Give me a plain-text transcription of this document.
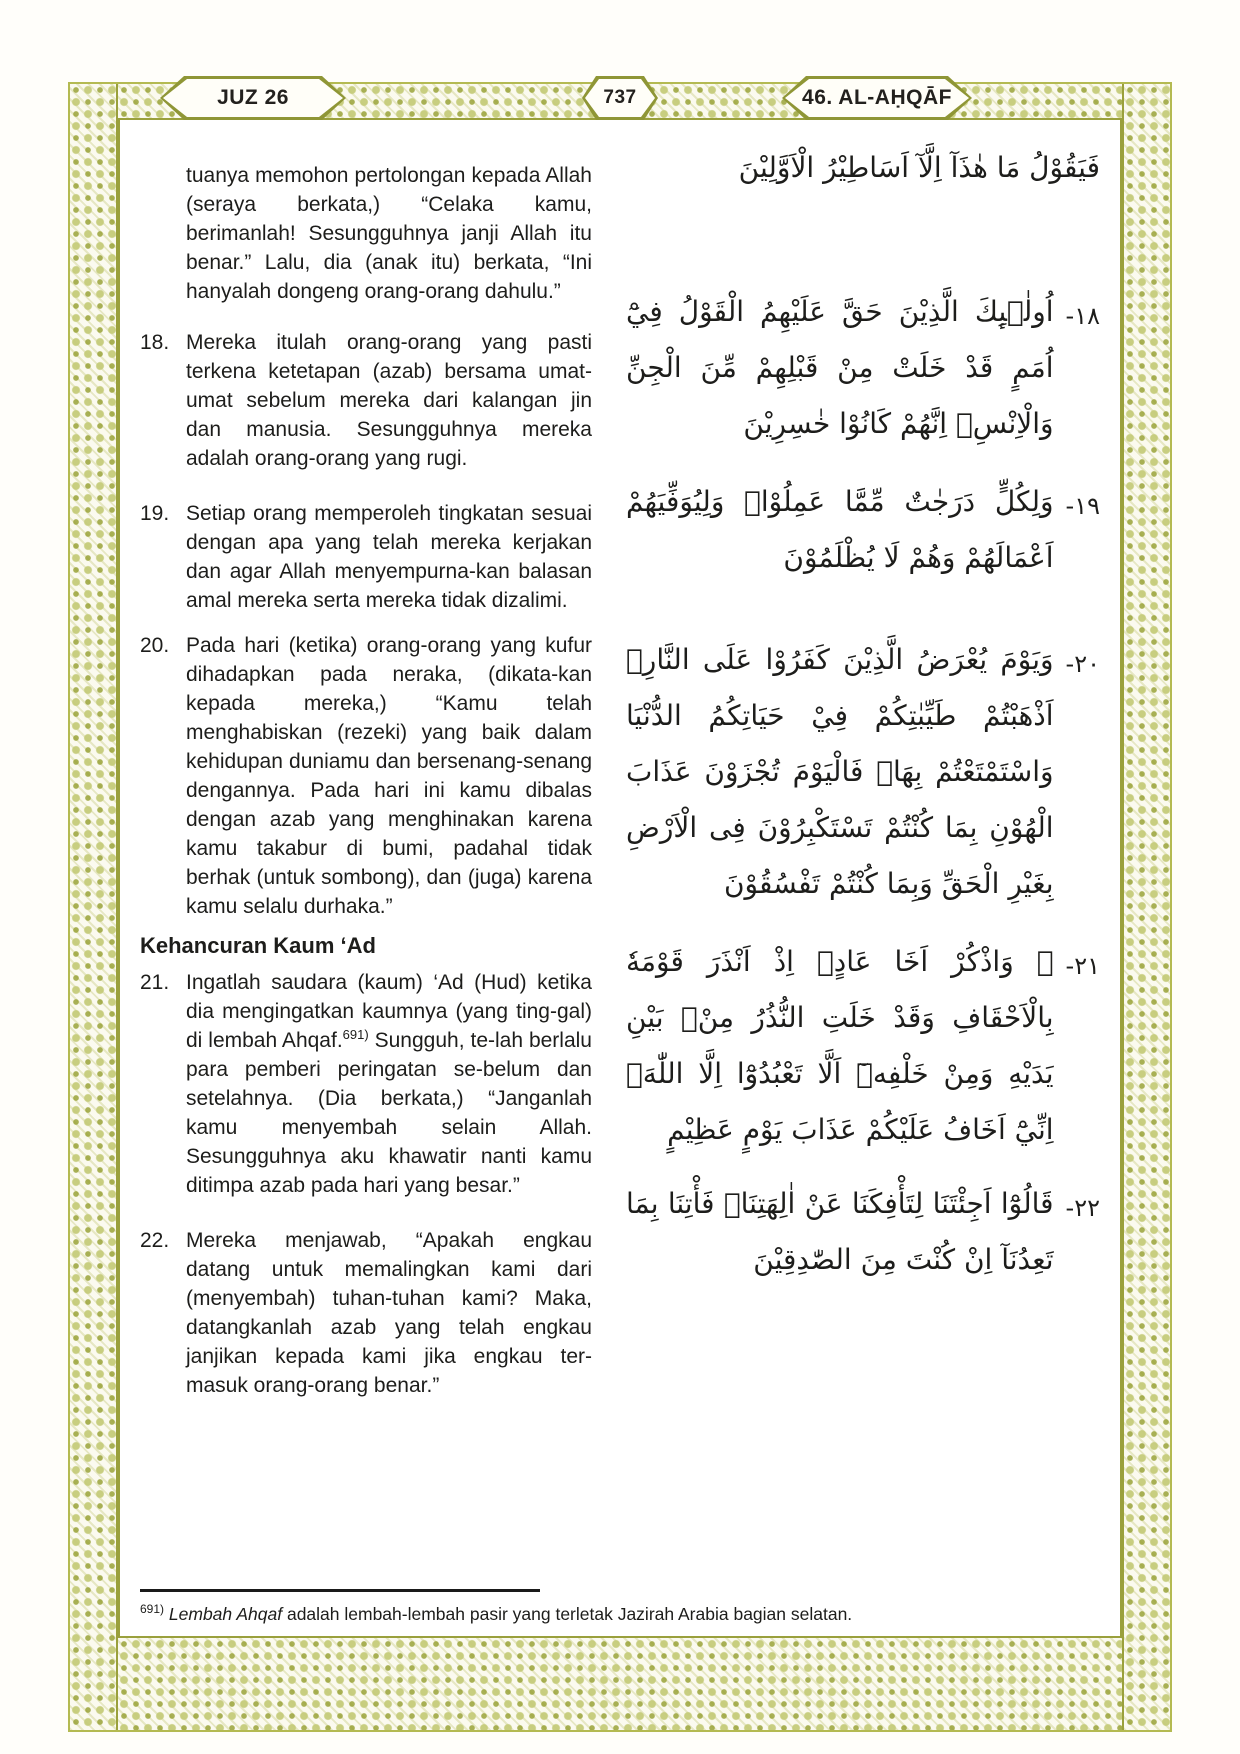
JUZ 26	737	46. AL-AḤQĀF

tuanya memohon pertolongan kepada Allah (seraya berkata,) “Celaka kamu, berimanlah! Sesungguhnya janji Allah itu benar.” Lalu, dia (anak itu) berkata, “Ini hanyalah dongeng orang-orang dahulu.”

18. Mereka itulah orang-orang yang pasti terkena ketetapan (azab) bersama umat-umat sebelum mereka dari kalangan jin dan manusia. Sesungguhnya mereka adalah orang-orang yang rugi.
19. Setiap orang memperoleh tingkatan sesuai dengan apa yang telah mereka kerjakan dan agar Allah menyempurna-kan balasan amal mereka serta mereka tidak dizalimi.
20. Pada hari (ketika) orang-orang yang kufur dihadapkan pada neraka, (dikata-kan kepada mereka,) “Kamu telah menghabiskan (rezeki) yang baik dalam kehidupan duniamu dan bersenang-senang dengannya. Pada hari ini kamu dibalas dengan azab yang menghinakan karena kamu takabur di bumi, padahal tidak berhak (untuk sombong), dan (juga) karena kamu selalu durhaka.”
Kehancuran Kaum ‘Ad
21. Ingatlah saudara (kaum) ‘Ad (Hud) ketika dia mengingatkan kaumnya (yang ting-gal) di lembah Ahqaf.$^{691)}$ Sungguh, te-lah berlalu para pemberi peringatan se-belum dan setelahnya. (Dia berkata,) “Janganlah kamu menyembah selain Allah. Sesungguhnya aku khawatir nanti kamu ditimpa azab pada hari yang besar.”
22. Mereka menjawab, “Apakah engkau datang untuk memalingkan kami dari (menyembah) tuhan-tuhan kami? Maka, datangkanlah azab yang telah engkau janjikan kepada kami jika engkau ter-masuk orang-orang benar.”
فَيَقُوْلُ مَا هٰذَآ اِلَّآ اَسَاطِيْرُ الْاَوَّلِيْنَ
١٨-
اُولٰۤىِٕكَ الَّذِيْنَ حَقَّ عَلَيْهِمُ الْقَوْلُ فِيْٓ اُمَمٍ قَدْ خَلَتْ مِنْ قَبْلِهِمْ مِّنَ الْجِنِّ وَالْاِنْسِۗ اِنَّهُمْ كَانُوْا خٰسِرِيْنَ
١٩-
وَلِكُلٍّ دَرَجٰتٌ مِّمَّا عَمِلُوْاۚ وَلِيُوَفِّيَهُمْ اَعْمَالَهُمْ وَهُمْ لَا يُظْلَمُوْنَ
٢٠-
وَيَوْمَ يُعْرَضُ الَّذِيْنَ كَفَرُوْا عَلَى النَّارِۗ اَذْهَبْتُمْ طَيِّبٰتِكُمْ فِيْ حَيَاتِكُمُ الدُّنْيَا وَاسْتَمْتَعْتُمْ بِهَاۚ فَالْيَوْمَ تُجْزَوْنَ عَذَابَ الْهُوْنِ بِمَا كُنْتُمْ تَسْتَكْبِرُوْنَ فِى الْاَرْضِ بِغَيْرِ الْحَقِّ وَبِمَا كُنْتُمْ تَفْسُقُوْنَ
٢١-
۞ وَاذْكُرْ اَخَا عَادٍۗ اِذْ اَنْذَرَ قَوْمَهٗ بِالْاَحْقَافِ وَقَدْ خَلَتِ النُّذُرُ مِنْۢ بَيْنِ يَدَيْهِ وَمِنْ خَلْفِهٖٓ اَلَّا تَعْبُدُوْٓا اِلَّا اللّٰهَۗ اِنِّيْٓ اَخَافُ عَلَيْكُمْ عَذَابَ يَوْمٍ عَظِيْمٍ
٢٢-
قَالُوْٓا اَجِئْتَنَا لِتَأْفِكَنَا عَنْ اٰلِهَتِنَاۚ فَأْتِنَا بِمَا تَعِدُنَآ اِنْ كُنْتَ مِنَ الصّٰدِقِيْنَ
$^{691)}$ Lembah Ahqaf adalah lembah-lembah pasir yang terletak Jazirah Arabia bagian selatan.
